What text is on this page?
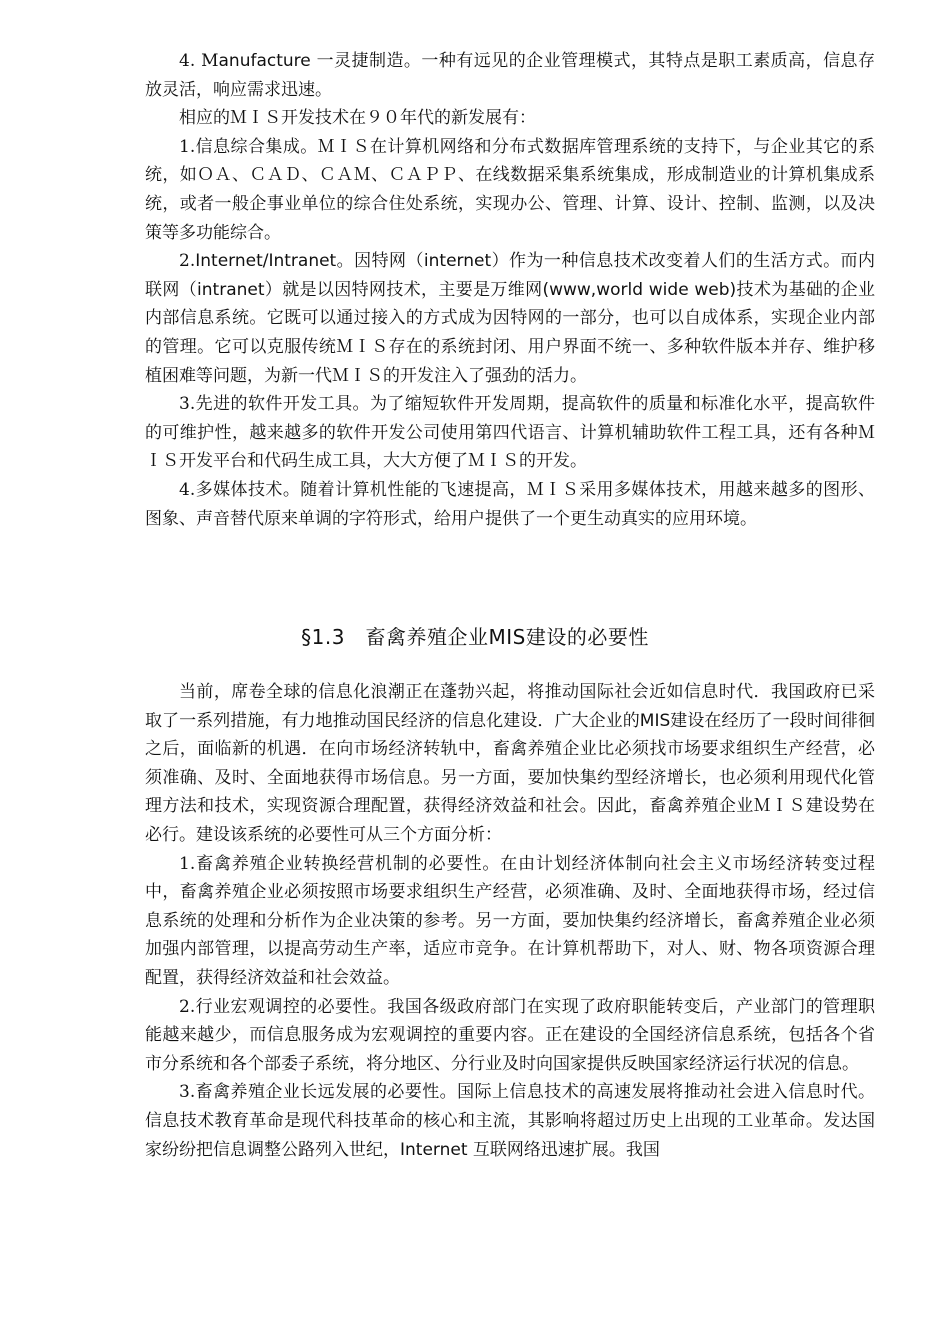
4. Manufacture 一灵捷制造。一种有远见的企业管理模式，其特点是职工素质高，信息存放灵活，响应需求迅速。

相应的ＭＩＳ开发技术在９０年代的新发展有：

1.信息综合集成。ＭＩＳ在计算机网络和分布式数据库管理系统的支持下，与企业其它的系统，如ＯＡ、ＣＡＤ、ＣＡＭ、ＣＡＰＰ、在线数据采集系统集成，形成制造业的计算机集成系统，或者一般企事业单位的综合住处系统，实现办公、管理、计算、设计、控制、监测，以及决策等多功能综合。

2.Internet/Intranet。因特网（internet）作为一种信息技术改变着人们的生活方式。而内联网（intranet）就是以因特网技术，主要是万维网(www,world wide web)技术为基础的企业内部信息系统。它既可以通过接入的方式成为因特网的一部分，也可以自成体系，实现企业内部的管理。它可以克服传统ＭＩＳ存在的系统封闭、用户界面不统一、多种软件版本并存、维护移植困难等问题，为新一代ＭＩＳ的开发注入了强劲的活力。

3.先进的软件开发工具。为了缩短软件开发周期，提高软件的质量和标准化水平，提高软件的可维护性，越来越多的软件开发公司使用第四代语言、计算机辅助软件工程工具，还有各种ＭＩＳ开发平台和代码生成工具，大大方便了ＭＩＳ的开发。

4.多媒体技术。随着计算机性能的飞速提高，ＭＩＳ采用多媒体技术，用越来越多的图形、图象、声音替代原来单调的字符形式，给用户提供了一个更生动真实的应用环境。

§1.3　畜禽养殖企业MIS建设的必要性

当前，席卷全球的信息化浪潮正在蓬勃兴起，将推动国际社会近如信息时代．我国政府已采取了一系列措施，有力地推动国民经济的信息化建设．广大企业的MIS建设在经历了一段时间徘徊之后，面临新的机遇．在向市场经济转轨中，畜禽养殖企业比必须找市场要求组织生产经营，必须准确、及时、全面地获得市场信息。另一方面，要加快集约型经济增长，也必须利用现代化管理方法和技术，实现资源合理配置，获得经济效益和社会。因此，畜禽养殖企业ＭＩＳ建设势在必行。建设该系统的必要性可从三个方面分析：

1.畜禽养殖企业转换经营机制的必要性。在由计划经济体制向社会主义市场经济转变过程中，畜禽养殖企业必须按照市场要求组织生产经营，必须准确、及时、全面地获得市场，经过信息系统的处理和分析作为企业决策的参考。另一方面，要加快集约经济增长，畜禽养殖企业必须加强内部管理，以提高劳动生产率，适应市竞争。在计算机帮助下，对人、财、物各项资源合理配置，获得经济效益和社会效益。

2.行业宏观调控的必要性。我国各级政府部门在实现了政府职能转变后，产业部门的管理职能越来越少，而信息服务成为宏观调控的重要内容。正在建设的全国经济信息系统，包括各个省市分系统和各个部委子系统，将分地区、分行业及时向国家提供反映国家经济运行状况的信息。

3.畜禽养殖企业长远发展的必要性。国际上信息技术的高速发展将推动社会进入信息时代。信息技术教育革命是现代科技革命的核心和主流，其影响将超过历史上出现的工业革命。发达国家纷纷把信息调整公路列入世纪，Internet 互联网络迅速扩展。我国
